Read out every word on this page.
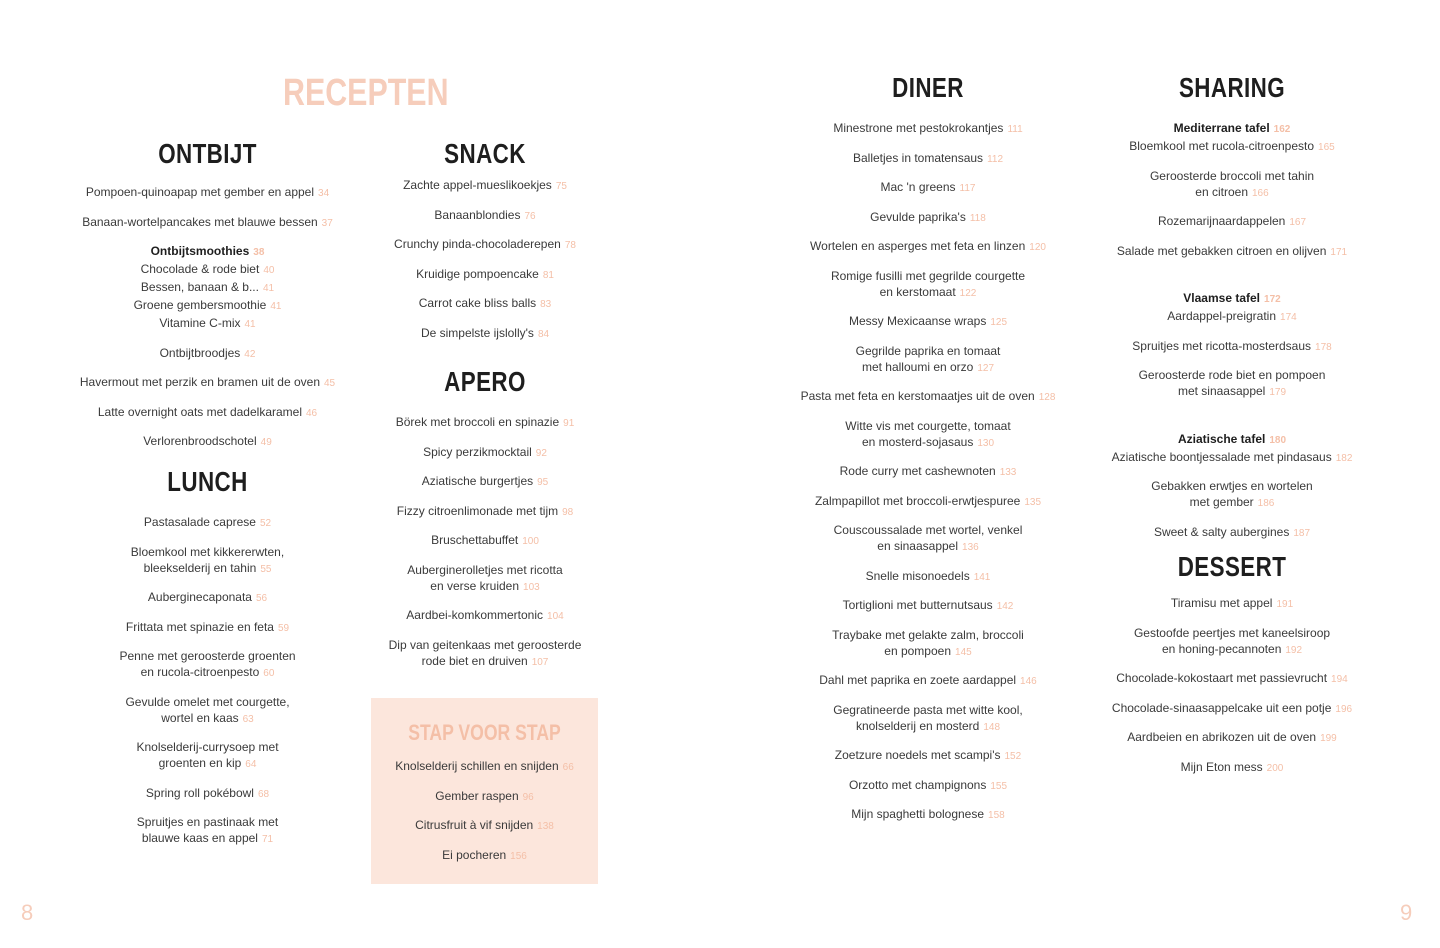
RECEPTEN
ONTBIJT
Pompoen-quinoapap met gember en appel 34
Banaan-wortelpancakes met blauwe bessen 37
Ontbijtsmoothies 38
Chocolade & rode biet 40
Bessen, banaan & b... 41
Groene gembersmoothie 41
Vitamine C-mix 41
Ontbijtbroodjes 42
Havermout met perzik en bramen uit de oven 45
Latte overnight oats met dadelkaramel 46
Verlorenbroodschotel 49
LUNCH
Pastasalade caprese 52
Bloemkool met kikkererwten,
bleekselderij en tahin 55
Auberginecaponata 56
Frittata met spinazie en feta 59
Penne met geroosterde groenten
en rucola-citroenpesto 60
Gevulde omelet met courgette,
wortel en kaas 63
Knolselderij-currysoep met
groenten en kip 64
Spring roll pokébowl 68
Spruitjes en pastinaak met
blauwe kaas en appel 71
SNACK
Zachte appel-mueslikoekjes 75
Banaanblondies 76
Crunchy pinda-chocoladerepen 78
Kruidige pompoencake 81
Carrot cake bliss balls 83
De simpelste ijslolly's 84
APERO
Börek met broccoli en spinazie 91
Spicy perzikmocktail 92
Aziatische burgertjes 95
Fizzy citroenlimonade met tijm 98
Bruschettabuffet 100
Auberginerolletjes met ricotta
en verse kruiden 103
Aardbei-komkommertonic 104
Dip van geitenkaas met geroosterde
rode biet en druiven 107
STAP VOOR STAP
Knolselderij schillen en snijden 66
Gember raspen 96
Citrusfruit à vif snijden 138
Ei pocheren 156
DINER
Minestrone met pestokrokantjes 111
Balletjes in tomatensaus 112
Mac 'n greens 117
Gevulde paprika's 118
Wortelen en asperges met feta en linzen 120
Romige fusilli met gegrilde courgette
en kerstomaat 122
Messy Mexicaanse wraps 125
Gegrilde paprika en tomaat
met halloumi en orzo 127
Pasta met feta en kerstomaatjes uit de oven 128
Witte vis met courgette, tomaat
en mosterd-sojasaus 130
Rode curry met cashewnoten 133
Zalmpapillot met broccoli-erwtjespuree 135
Couscoussalade met wortel, venkel
en sinaasappel 136
Snelle misonoedels 141
Tortiglioni met butternutsaus 142
Traybake met gelakte zalm, broccoli
en pompoen 145
Dahl met paprika en zoete aardappel 146
Gegratineerde pasta met witte kool,
knolselderij en mosterd 148
Zoetzure noedels met scampi's 152
Orzotto met champignons 155
Mijn spaghetti bolognese 158
SHARING
Mediterrane tafel 162
Bloemkool met rucola-citroenpesto 165
Geroosterde broccoli met tahin
en citroen 166
Rozemarijnaardappelen 167
Salade met gebakken citroen en olijven 171
Vlaamse tafel 172
Aardappel-preigratin 174
Spruitjes met ricotta-mosterdsaus 178
Geroosterde rode biet en pompoen
met sinaasappel 179
Aziatische tafel 180
Aziatische boontjessalade met pindasaus 182
Gebakken erwtjes en wortelen
met gember 186
Sweet & salty aubergines 187
DESSERT
Tiramisu met appel 191
Gestoofde peertjes met kaneelsiroop
en honing-pecannoten 192
Chocolade-kokostaart met passievrucht 194
Chocolade-sinaasappelcake uit een potje 196
Aardbeien en abrikozen uit de oven 199
Mijn Eton mess 200
8	9
